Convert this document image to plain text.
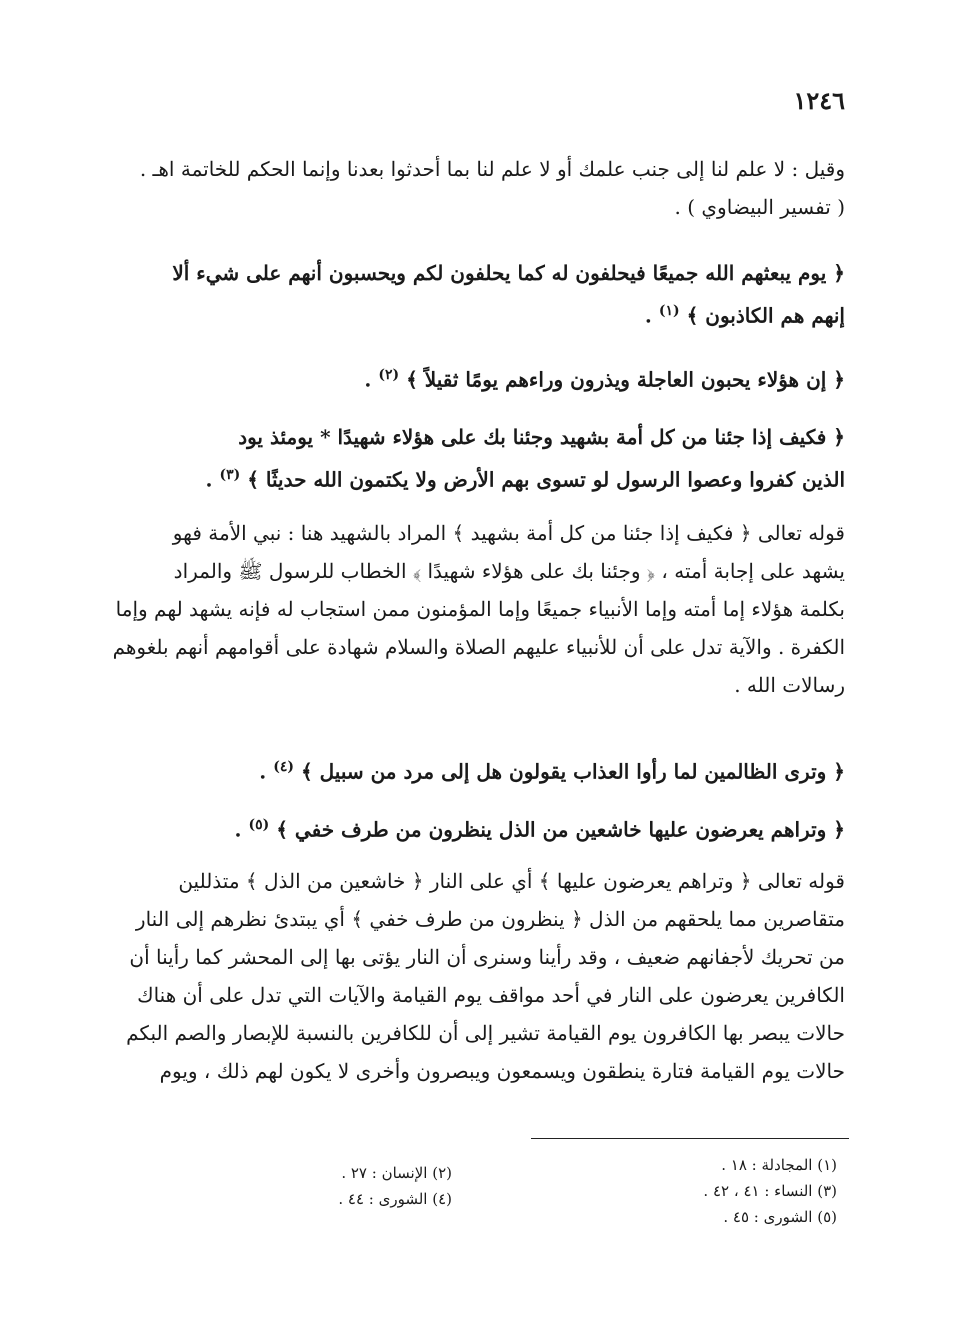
١٢٤٦
وقيل : لا علم لنا إلى جنب علمك أو لا علم لنا بما أحدثوا بعدنا وإنما الحكم للخاتمة اهـ .
( تفسير البيضاوي ) .
﴿ يوم يبعثهم الله جميعًا فيحلفون له كما يحلفون لكم ويحسبون أنهم على شيء ألا
إنهم هم الكاذبون ﴾ $^{(١)}$ .
﴿ إن هؤلاء يحبون العاجلة ويذرون وراءهم يومًا ثقيلاً ﴾ $^{(٢)}$ .
﴿ فكيف إذا جئنا من كل أمة بشهيد وجئنا بك على هؤلاء شهيدًا * يومئذ يود
الذين كفروا وعصوا الرسول لو تسوى بهم الأرض ولا يكتمون الله حديثًا ﴾ $^{(٣)}$ .
قوله تعالى ﴿ فكيف إذا جئنا من كل أمة بشهيد ﴾ المراد بالشهيد هنا : نبي الأمة فهو
يشهد على إجابة أمته ، ﴿ وجئنا بك على هؤلاء شهيدًا ﴾ الخطاب للرسول ﷺ والمراد
بكلمة هؤلاء إما أمته وإما الأنبياء جميعًا وإما المؤمنون ممن استجاب له فإنه يشهد لهم وإما
الكفرة . والآية تدل على أن للأنبياء عليهم الصلاة والسلام شهادة على أقوامهم أنهم بلغوهم
رسالات الله .
﴿ وترى الظالمين لما رأوا العذاب يقولون هل إلى مرد من سبيل ﴾ $^{(٤)}$ .
﴿ وتراهم يعرضون عليها خاشعين من الذل ينظرون من طرف خفي ﴾ $^{(٥)}$ .
قوله تعالى ﴿ وتراهم يعرضون عليها ﴾ أي على النار ﴿ خاشعين من الذل ﴾ متذللين
متقاصرين مما يلحقهم من الذل ﴿ ينظرون من طرف خفي ﴾ أي يبتدئ نظرهم إلى النار
من تحريك لأجفانهم ضعيف ، وقد رأينا وسنرى أن النار يؤتى بها إلى المحشر كما رأينا أن
الكافرين يعرضون على النار في أحد مواقف يوم القيامة والآيات التي تدل على أن هناك
حالات يبصر بها الكافرون يوم القيامة تشير إلى أن للكافرين بالنسبة للإبصار والصم البكم
حالات يوم القيامة فتارة ينطقون ويسمعون ويبصرون وأخرى لا يكون لهم ذلك ، ويوم
(١) المجادلة : ١٨ .
(٣) النساء : ٤١ ، ٤٢ .
(٥) الشورى : ٤٥ .
(٢) الإنسان : ٢٧ .
(٤) الشورى : ٤٤ .
